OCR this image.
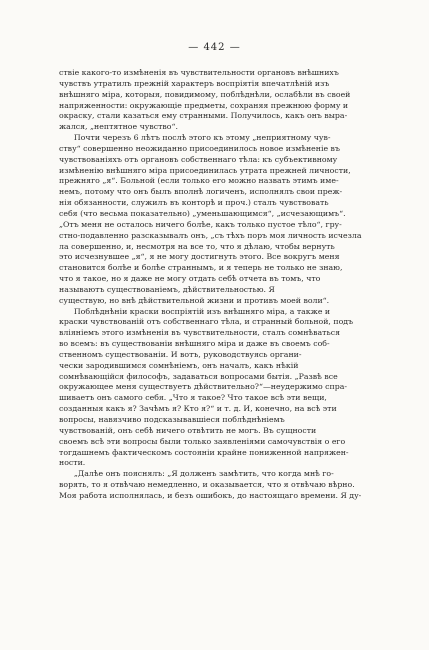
— 442 —
ствіе какого-то измѣненія въ чувствительности органовъ внѣшнихъ
чувствъ утратилъ прежній характеръ воспріятія впечатлѣній изъ
внѣшняго міра, которыя, повидимому, поблѣднѣли, ослабѣли въ своей
напряженности: окружающіе предметы, сохраняя прежнюю форму и
окраску, стали казаться ему странными. Получилось, какъ онъ выра-
жался, „нептятное чувство“.
Почти черезъ 6 лѣтъ послѣ этого къ этому „неприятному чув-
ству“ совершенно неожиданно присоединилось новое измѣненіе въ
чувствованіяхъ отъ органовъ собственнаго тѣла: къ субъективному
измѣненію внѣшняго міра присоединилась утрата прежней личности,
прежняго „я“. Больной (если только его можно назвать этимъ име-
немъ, потому что онъ былъ вполнѣ логиченъ, исполнялъ свои преж-
нія обязанности, служилъ въ конторѣ и проч.) сталъ чувствовать
себя (что весьма показательно) „уменьшающимся“, „исчезающимъ“.
„Отъ меня не осталось ничего болѣе, какъ только пустое тѣло“, гру-
стно-подавленно разсказывалъ онъ, „съ тѣхъ поръ моя личность исчезла
ла совершенно, и, несмотря на все то, что я дѣлаю, чтобы вернуть
это исчезнувшее „я“, я не могу достигнуть этого. Все вокругъ меня
становится болѣе и болѣе страннымъ, и я теперь не только не знаю,
что я такое, но я даже не могу отдать себѣ отчета въ томъ, что
называютъ существованіемъ, дѣйствительностью. Я
существую, но внѣ дѣйствительной жизни и противъ моей воли“.
Поблѣднѣніи краски воспріятій изъ внѣшняго міра, а также и
краски чувствованій отъ собственнаго тѣла, и странный больной, подъ
вліяніемъ этого измѣненія въ чувствительности, сталъ сомнѣваться
во всемъ: въ существованіи внѣшняго міра и даже въ своемъ соб-
ственномъ существованіи. И вотъ, руководствуясь органи-
чески зародившимся сомнѣніемъ, онъ началъ, какъ нѣкій
сомнѣвающійся философъ, задаваться вопросами бытія. „Развѣ все
окружающее меня существуетъ дѣйствительно?“—неудержимо спра-
шиваетъ онъ самого себя. „Что я такое? Что такое всѣ эти вещи,
созданныя какъ я? Зачѣмъ я? Кто я?“ и т. д. И, конечно, на всѣ эти
вопросы, навязчиво подсказывавшіеся поблѣднѣніемъ
чувствованій, онъ себѣ ничего отвѣтить не могъ. Въ сущности
своемъ всѣ эти вопросы были только заявленіями самочувствія о его
тогдашнемъ фактическомъ состояніи крайне пониженной напряжен-
ности.
„Далѣе онъ пояснялъ: „Я долженъ замѣтить, что когда мнѣ го-
ворять, то я отвѣчаю немедленно, и оказывается, что я отвѣчаю вѣрно.
Моя работа исполнялась, и безъ ошибокъ, до настоящаго времени. Я ду-
